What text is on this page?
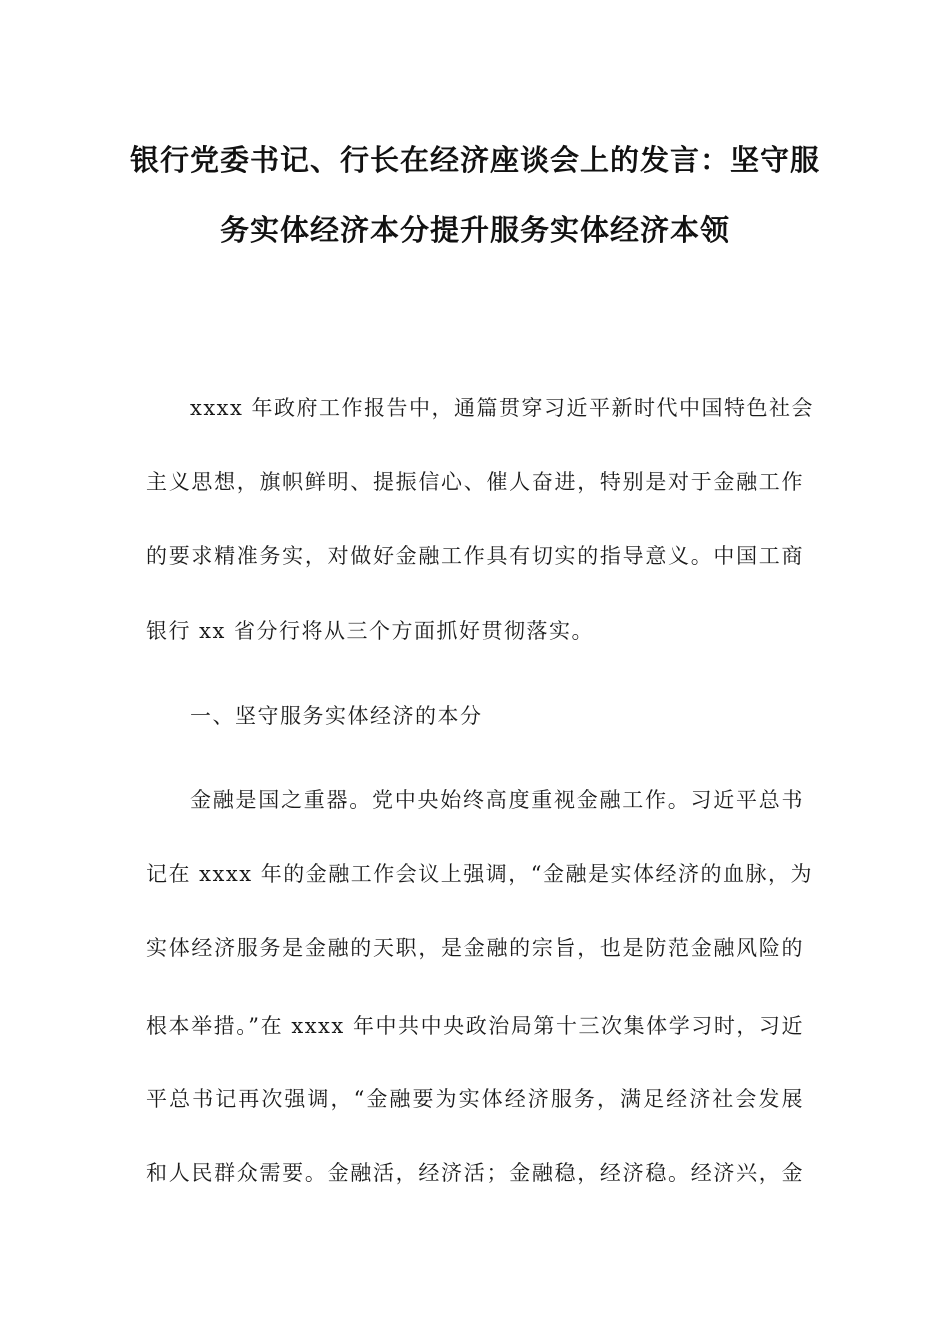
银行党委书记、行长在经济座谈会上的发言：坚守服
务实体经济本分提升服务实体经济本领
xxxx 年政府工作报告中，通篇贯穿习近平新时代中国特色社会
主义思想，旗帜鲜明、提振信心、催人奋进，特别是对于金融工作
的要求精准务实，对做好金融工作具有切实的指导意义。中国工商
银行 xx 省分行将从三个方面抓好贯彻落实。
一、坚守服务实体经济的本分
金融是国之重器。党中央始终高度重视金融工作。习近平总书
记在 xxxx 年的金融工作会议上强调，“金融是实体经济的血脉，为
实体经济服务是金融的天职，是金融的宗旨，也是防范金融风险的
根本举措。”在 xxxx 年中共中央政治局第十三次集体学习时，习近
平总书记再次强调，“金融要为实体经济服务，满足经济社会发展
和人民群众需要。金融活，经济活；金融稳，经济稳。经济兴，金
